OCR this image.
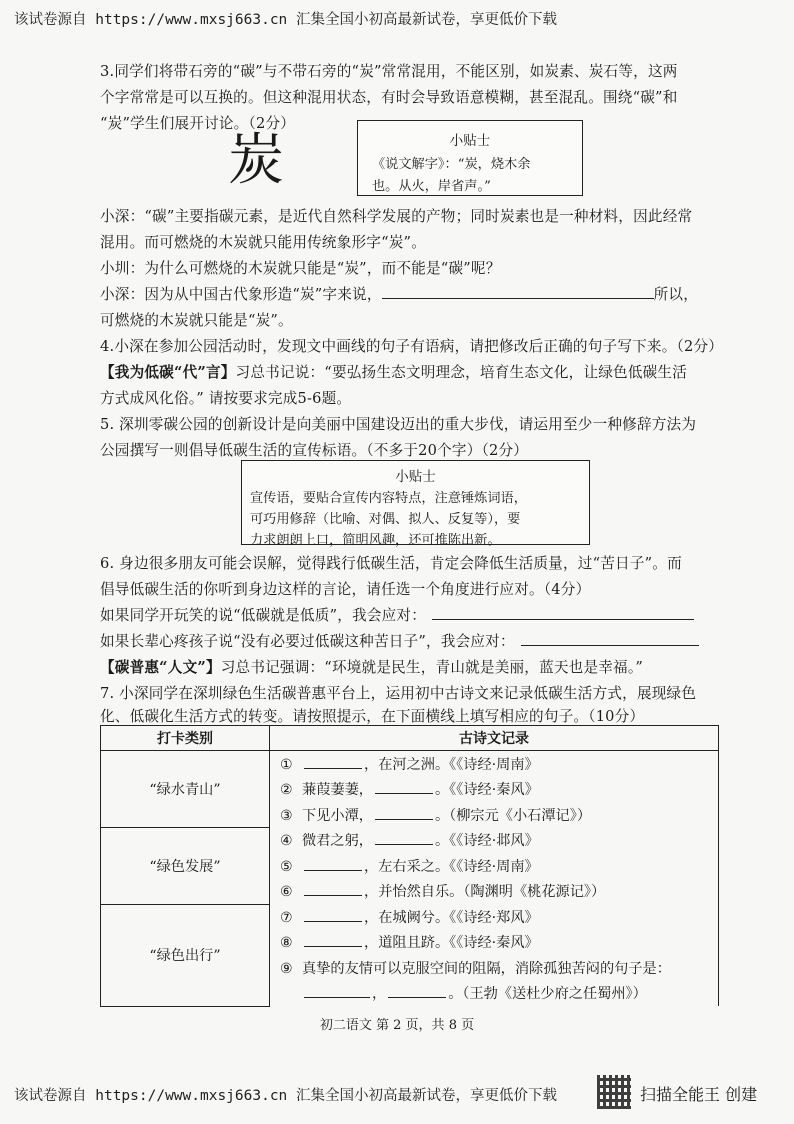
该试卷源自 https://www.mxsj663.cn 汇集全国小初高最新试卷，享更低价下载
3.同学们将带石旁的“碳”与不带石旁的“炭”常常混用，不能区别，如炭素、炭石等，这两
个字常常是可以互换的。但这种混用状态，有时会导致语意模糊，甚至混乱。围绕“碳”和
“炭”学生们展开讨论。（2分）
炭	小贴士
《说文解字》：“炭，烧木余
也。从火，岸省声。”
小深：“碳”主要指碳元素，是近代自然科学发展的产物；同时炭素也是一种材料，因此经常
混用。而可燃烧的木炭就只能用传统象形字“炭”。
小圳：为什么可燃烧的木炭就只能是“炭”，而不能是“碳”呢？
小深：因为从中国古代象形造“炭”字来说，	所以，
可燃烧的木炭就只能是“炭”。
4.小深在参加公园活动时，发现文中画线的句子有语病，请把修改后正确的句子写下来。（2分）
【我为低碳“代”言】习总书记说：“要弘扬生态文明理念，培育生态文化，让绿色低碳生活
方式成风化俗。” 请按要求完成5-6题。
5. 深圳零碳公园的创新设计是向美丽中国建设迈出的重大步伐，请运用至少一种修辞方法为
公园撰写一则倡导低碳生活的宣传标语。（不多于20个字）（2分）
小贴士
宣传语，要贴合宣传内容特点，注意锤炼词语，
可巧用修辞（比喻、对偶、拟人、反复等），要
力求朗朗上口，简明风趣，还可推陈出新。
6. 身边很多朋友可能会误解，觉得践行低碳生活，肯定会降低生活质量，过“苦日子”。而
倡导低碳生活的你听到身边这样的言论，请任选一个角度进行应对。（4分）
如果同学开玩笑的说“低碳就是低质”，我会应对：
如果长辈心疼孩子说“没有必要过低碳这种苦日子”，我会应对：
【碳普惠“人文”】习总书记强调：“环境就是民生，青山就是美丽，蓝天也是幸福。”
7. 小深同学在深圳绿色生活碳普惠平台上，运用初中古诗文来记录低碳生活方式，展现绿色
化、低碳化生活方式的转变。请按照提示，在下面横线上填写相应的句子。（10分）
打卡类别	古诗文记录
“绿水青山”	① ，在河之洲。《《诗经·周南》
	② 蒹葭萋萋， 。《《诗经·秦风》
	③ 下见小潭， 。（柳宗元《小石潭记》）
“绿色发展”	④ 微君之躬， 。《《诗经·邶风》
	⑤ ，左右采之。《《诗经·周南》
	⑥ ，并怡然自乐。（陶渊明《桃花源记》）
“绿色出行”	⑦ ，在城阙兮。《《诗经·郑风》
	⑧ ，道阻且跻。《《诗经·秦风》
	⑨ 真挚的友情可以克服空间的阻隔，消除孤独苦闷的句子是：
	， 。（王勃《送杜少府之任蜀州》）
初二语文 第 2 页，共 8 页
该试卷源自 https://www.mxsj663.cn 汇集全国小初高最新试卷，享更低价下载	扫描全能王 创建
